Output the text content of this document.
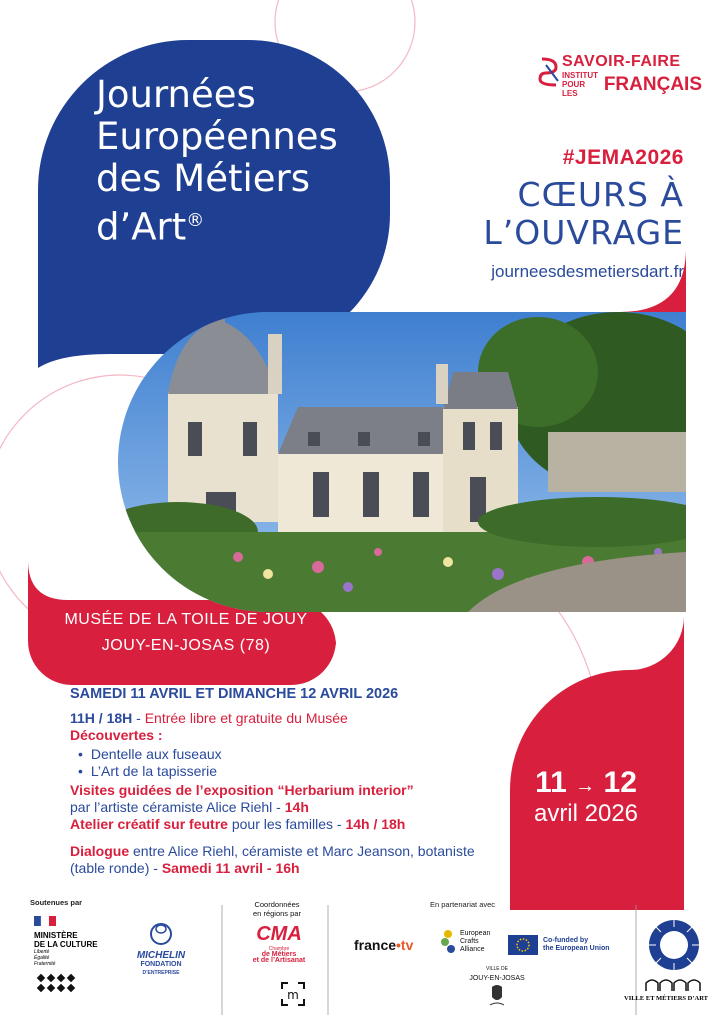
Journées
Européennes
des Métiers
d’Art®
SAVOIR-FAIRE
INSTITUT
POUR LES	FRANÇAIS
#JEMA2026
CŒURS À
L’OUVRAGE
journeesdesmetiersdart.fr
MUSÉE DE LA TOILE DE JOUY
JOUY-EN-JOSAS (78)
SAMEDI 11 AVRIL ET DIMANCHE 12 AVRIL 2026
11H / 18H - Entrée libre et gratuite du Musée
Découvertes :
• Dentelle aux fuseaux
• L’Art de la tapisserie
Visites guidées de l’exposition “Herbarium interior”
par l’artiste céramiste Alice Riehl - 14h
Atelier créatif sur feutre pour les familles - 14h / 18h
Dialogue entre Alice Riehl, céramiste et Marc Jeanson, botaniste (table ronde) - Samedi 11 avril - 16h
11 → 12
avril 2026
Soutenues par
MINISTÈRE
DE LA CULTURE
Liberté
Égalité
Fraternité
MICHELIN
FONDATION
D’ENTREPRISE
Coordonnées
en régions par
CMA
Chambre
de Métiers
et de l’Artisanat
m
En partenariat avec
france•tv
European
Crafts
Alliance
Co-funded by
the European Union
VILLE DE
JOUY-EN-JOSAS
VILLE ET MÉTIERS D’ART
